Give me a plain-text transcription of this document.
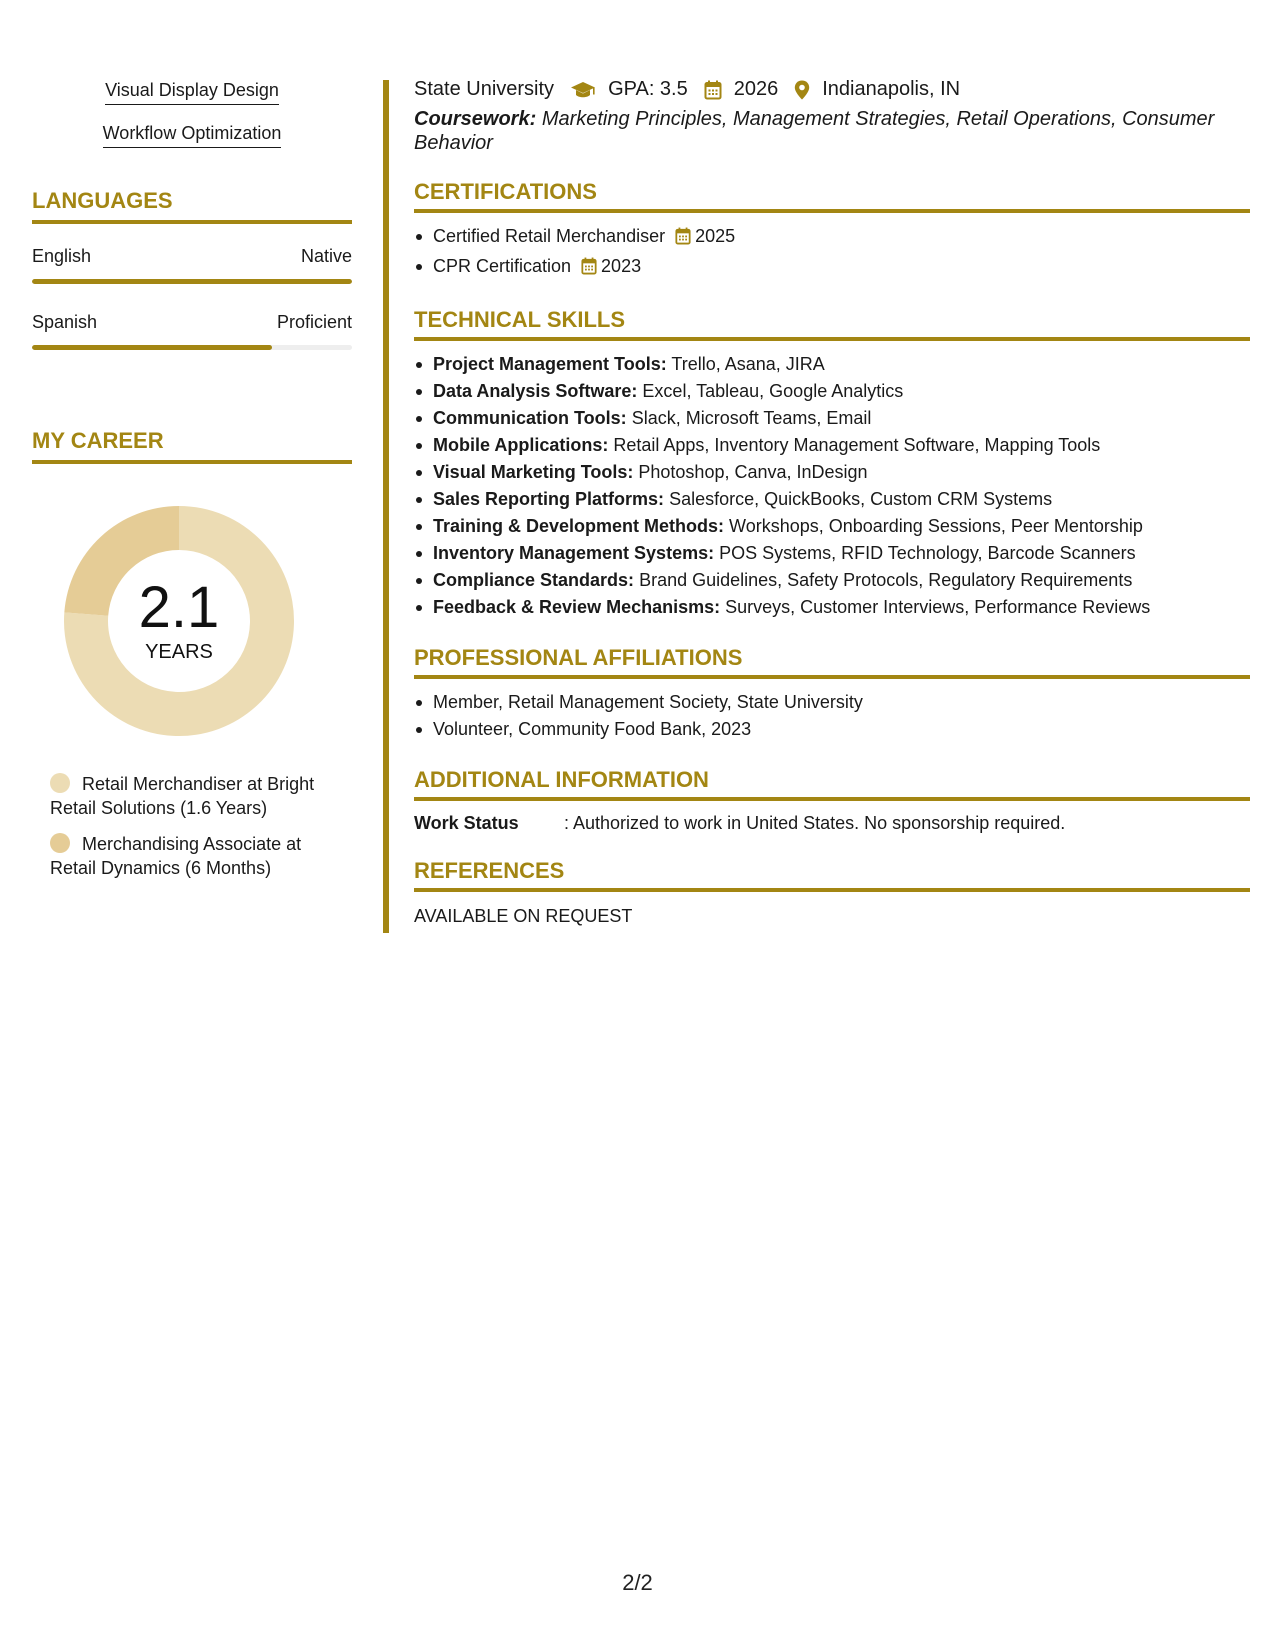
Visual Display Design
Workflow Optimization
LANGUAGES
English	Native
Spanish	Proficient
MY CAREER
2.1
YEARS
Retail Merchandiser at Bright Retail Solutions (1.6 Years)
Merchandising Associate at Retail Dynamics (6 Months)
State University	GPA: 3.5 2026 Indianapolis, IN
Coursework: Marketing Principles, Management Strategies, Retail Operations, Consumer Behavior
CERTIFICATIONS
Certified Retail Merchandiser 2025
CPR Certification 2023
TECHNICAL SKILLS
Project Management Tools: Trello, Asana, JIRA
Data Analysis Software: Excel, Tableau, Google Analytics
Communication Tools: Slack, Microsoft Teams, Email
Mobile Applications: Retail Apps, Inventory Management Software, Mapping Tools
Visual Marketing Tools: Photoshop, Canva, InDesign
Sales Reporting Platforms: Salesforce, QuickBooks, Custom CRM Systems
Training & Development Methods: Workshops, Onboarding Sessions, Peer Mentorship
Inventory Management Systems: POS Systems, RFID Technology, Barcode Scanners
Compliance Standards: Brand Guidelines, Safety Protocols, Regulatory Requirements
Feedback & Review Mechanisms: Surveys, Customer Interviews, Performance Reviews
PROFESSIONAL AFFILIATIONS
Member, Retail Management Society, State University
Volunteer, Community Food Bank, 2023
ADDITIONAL INFORMATION
Work Status	: Authorized to work in United States. No sponsorship required.
REFERENCES
AVAILABLE ON REQUEST
2/2
